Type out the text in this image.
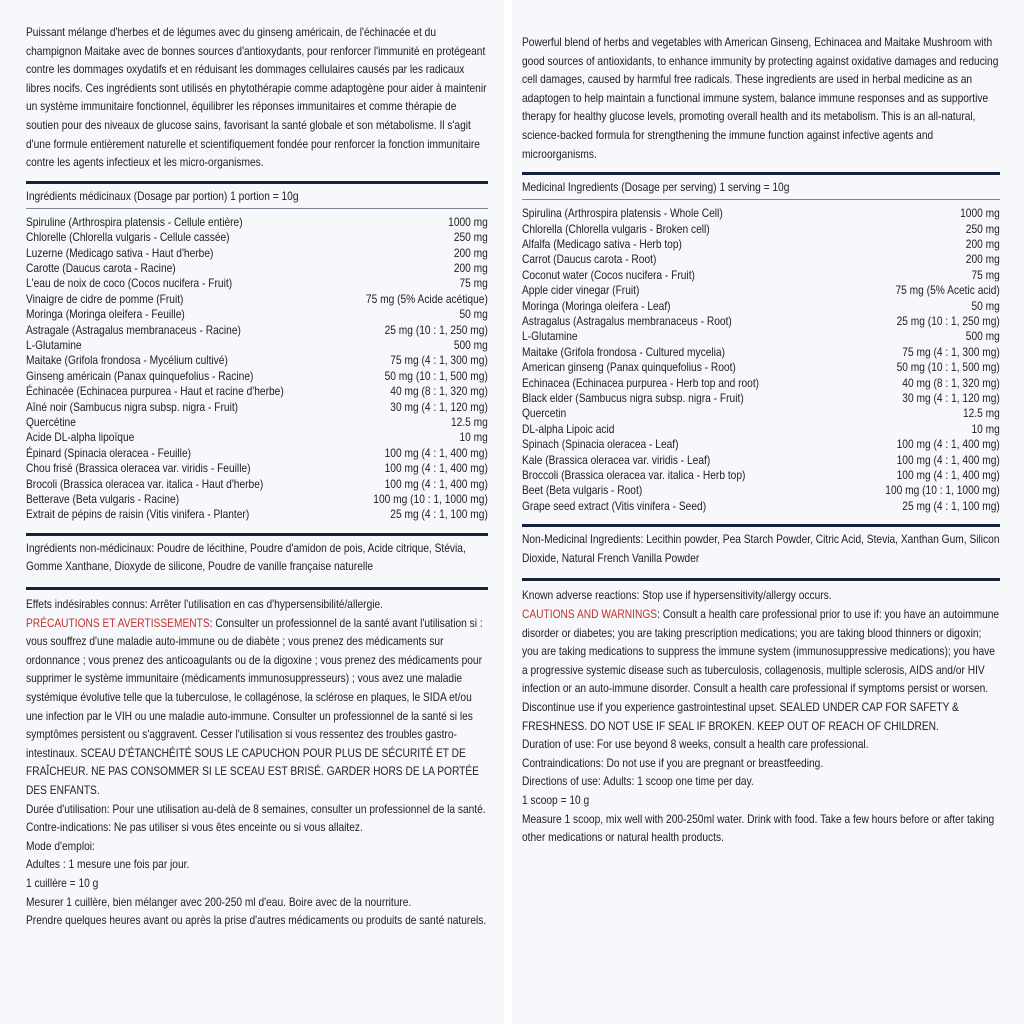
Puissant mélange d'herbes et de légumes avec du ginseng américain, de l'échinacée et du champignon Maitake avec de bonnes sources d'antioxydants, pour renforcer l'immunité en protégeant contre les dommages oxydatifs et en réduisant les dommages cellulaires causés par les radicaux libres nocifs. Ces ingrédients sont utilisés en phytothérapie comme adaptogène pour aider à maintenir un système immunitaire fonctionnel, équilibrer les réponses immunitaires et comme thérapie de soutien pour des niveaux de glucose sains, favorisant la santé globale et son métabolisme. Il s'agit d'une formule entièrement naturelle et scientifiquement fondée pour renforcer la fonction immunitaire contre les agents infectieux et les micro-organismes.
Ingrédients médicinaux (Dosage par portion) 1 portion = 10g
Spiruline (Arthrospira platensis - Cellule entière)	1000 mg
Chlorelle (Chlorella vulgaris - Cellule cassée)	250 mg
Luzerne (Medicago sativa - Haut d'herbe)	200 mg
Carotte (Daucus carota - Racine)	200 mg
L'eau de noix de coco (Cocos nucifera - Fruit)	75 mg
Vinaigre de cidre de pomme (Fruit)	75 mg (5% Acide acétique)
Moringa (Moringa oleifera - Feuille)	50 mg
Astragale (Astragalus membranaceus - Racine)	25 mg (10 : 1, 250 mg)
L-Glutamine	500 mg
Maitake (Grifola frondosa - Mycélium cultivé)	75 mg (4 : 1, 300 mg)
Ginseng américain (Panax quinquefolius - Racine)	50 mg (10 : 1, 500 mg)
Échinacée (Echinacea purpurea - Haut et racine d'herbe)	40 mg (8 : 1, 320 mg)
Aîné noir (Sambucus nigra subsp. nigra - Fruit)	30 mg (4 : 1, 120 mg)
Quercétine	12.5 mg
Acide DL-alpha lipoïque	10 mg
Épinard (Spinacia oleracea - Feuille)	100 mg (4 : 1, 400 mg)
Chou frisé (Brassica oleracea var. viridis - Feuille)	100 mg (4 : 1, 400 mg)
Brocoli (Brassica oleracea var. italica - Haut d'herbe)	100 mg (4 : 1, 400 mg)
Betterave (Beta vulgaris - Racine)	100 mg (10 : 1, 1000 mg)
Extrait de pépins de raisin (Vitis vinifera - Planter)	25 mg (4 : 1, 100 mg)
Ingrédients non-médicinaux: Poudre de lécithine, Poudre d'amidon de pois, Acide citrique, Stévia, Gomme Xanthane, Dioxyde de silicone, Poudre de vanille française naturelle

Effets indésirables connus: Arrêter l'utilisation en cas d'hypersensibilité/allergie.

PRÉCAUTIONS ET AVERTISSEMENTS: Consulter un professionnel de la santé avant l'utilisation si : vous souffrez d'une maladie auto-immune ou de diabète ; vous prenez des médicaments sur ordonnance ; vous prenez des anticoagulants ou de la digoxine ; vous prenez des médicaments pour supprimer le système immunitaire (médicaments immunosuppresseurs) ; vous avez une maladie systémique évolutive telle que la tuberculose, le collagénose, la sclérose en plaques, le SIDA et/ou une infection par le VIH ou une maladie auto-immune. Consulter un professionnel de la santé si les symptômes persistent ou s'aggravent. Cesser l'utilisation si vous ressentez des troubles gastro-intestinaux. SCEAU D'ÉTANCHÉITÉ SOUS LE CAPUCHON POUR PLUS DE SÉCURITÉ ET DE FRAÎCHEUR. NE PAS CONSOMMER SI LE SCEAU EST BRISÉ. GARDER HORS DE LA PORTÉE DES ENFANTS.

Durée d'utilisation: Pour une utilisation au-delà de 8 semaines, consulter un professionnel de la santé.

Contre-indications: Ne pas utiliser si vous êtes enceinte ou si vous allaitez.

Mode d'emploi:

Adultes : 1 mesure une fois par jour.

1 cuillère = 10 g

Mesurer 1 cuillère, bien mélanger avec 200-250 ml d'eau. Boire avec de la nourriture.

Prendre quelques heures avant ou après la prise d'autres médicaments ou produits de santé naturels.

Powerful blend of herbs and vegetables with American Ginseng, Echinacea and Maitake Mushroom with good sources of antioxidants, to enhance immunity by protecting against oxidative damages and reducing cell damages, caused by harmful free radicals. These ingredients are used in herbal medicine as an adaptogen to help maintain a functional immune system, balance immune responses and as supportive therapy for healthy glucose levels, promoting overall health and its metabolism. This is an all-natural, science-backed formula for strengthening the immune function against infective agents and microorganisms.
Medicinal Ingredients (Dosage per serving) 1 serving = 10g
Spirulina (Arthrospira platensis - Whole Cell)	1000 mg
Chlorella (Chlorella vulgaris - Broken cell)	250 mg
Alfalfa (Medicago sativa - Herb top)	200 mg
Carrot (Daucus carota - Root)	200 mg
Coconut water (Cocos nucifera - Fruit)	75 mg
Apple cider vinegar (Fruit)	75 mg (5% Acetic acid)
Moringa (Moringa oleifera - Leaf)	50 mg
Astragalus (Astragalus membranaceus - Root)	25 mg (10 : 1, 250 mg)
L-Glutamine	500 mg
Maitake (Grifola frondosa - Cultured mycelia)	75 mg (4 : 1, 300 mg)
American ginseng (Panax quinquefolius - Root)	50 mg (10 : 1, 500 mg)
Echinacea (Echinacea purpurea - Herb top and root)	40 mg (8 : 1, 320 mg)
Black elder (Sambucus nigra subsp. nigra - Fruit)	30 mg (4 : 1, 120 mg)
Quercetin	12.5 mg
DL-alpha Lipoic acid	10 mg
Spinach (Spinacia oleracea - Leaf)	100 mg (4 : 1, 400 mg)
Kale (Brassica oleracea var. viridis - Leaf)	100 mg (4 : 1, 400 mg)
Broccoli (Brassica oleracea var. italica - Herb top)	100 mg (4 : 1, 400 mg)
Beet (Beta vulgaris - Root)	100 mg (10 : 1, 1000 mg)
Grape seed extract (Vitis vinifera - Seed)	25 mg (4 : 1, 100 mg)
Non-Medicinal Ingredients: Lecithin powder, Pea Starch Powder, Citric Acid, Stevia, Xanthan Gum, Silicon Dioxide, Natural French Vanilla Powder

Known adverse reactions: Stop use if hypersensitivity/allergy occurs.

CAUTIONS AND WARNINGS: Consult a health care professional prior to use if: you have an autoimmune disorder or diabetes; you are taking prescription medications; you are taking blood thinners or digoxin; you are taking medications to suppress the immune system (immunosuppressive medications); you have a progressive systemic disease such as tuberculosis, collagenosis, multiple sclerosis, AIDS and/or HIV infection or an auto-immune disorder. Consult a health care professional if symptoms persist or worsen. Discontinue use if you experience gastrointestinal upset. SEALED UNDER CAP FOR SAFETY & FRESHNESS. DO NOT USE IF SEAL IF BROKEN. KEEP OUT OF REACH OF CHILDREN.

Duration of use: For use beyond 8 weeks, consult a health care professional.

Contraindications: Do not use if you are pregnant or breastfeeding.

Directions of use: Adults: 1 scoop one time per day.

1 scoop = 10 g

Measure 1 scoop, mix well with 200-250ml water. Drink with food. Take a few hours before or after taking other medications or natural health products.
